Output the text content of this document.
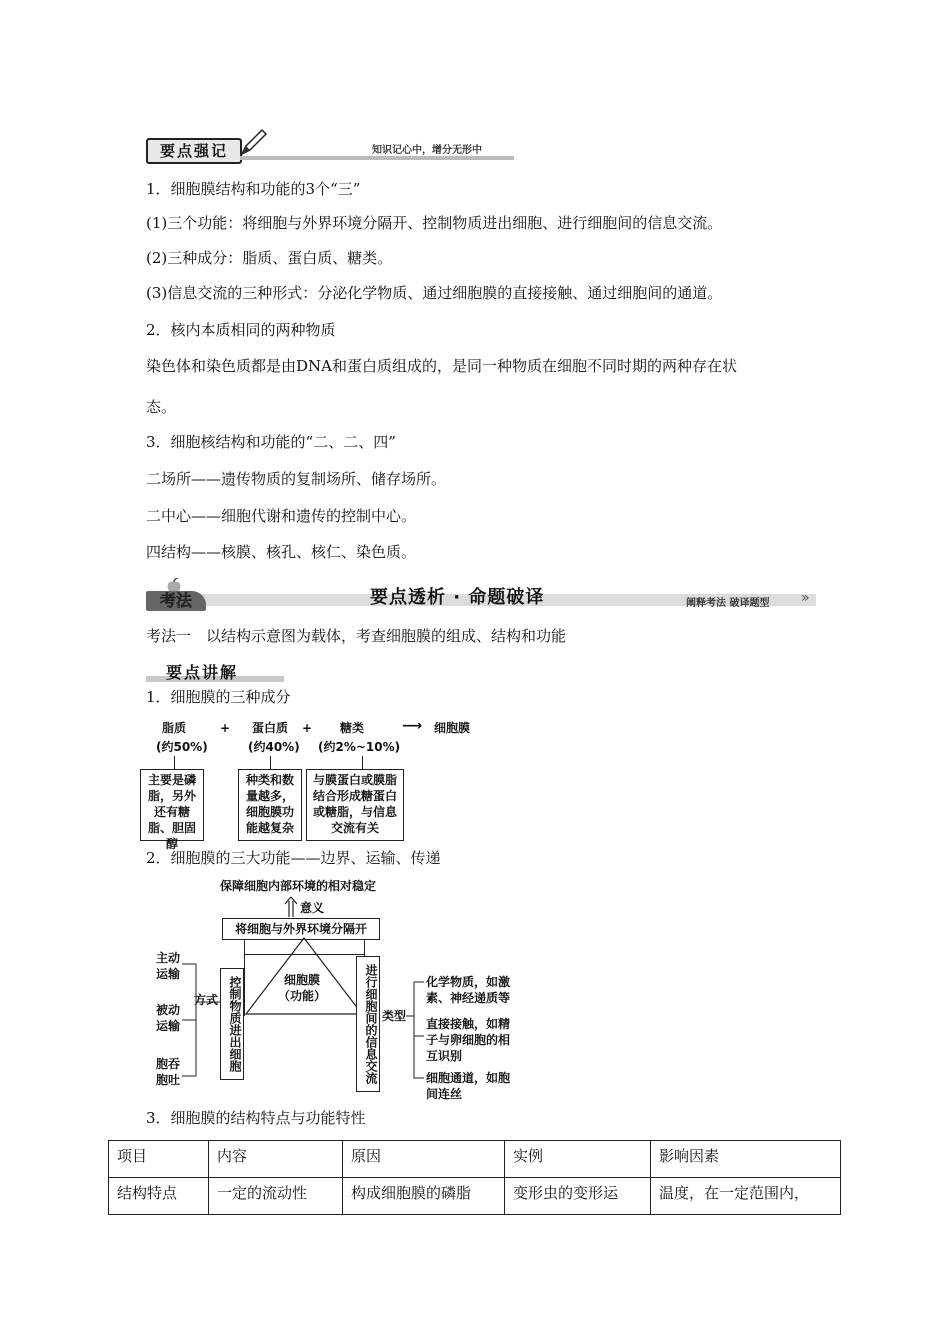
要点强记	知识记心中，增分无形中
1．细胞膜结构和功能的3个“三”
(1)三个功能：将细胞与外界环境分隔开、控制物质进出细胞、进行细胞间的信息交流。
(2)三种成分：脂质、蛋白质、糖类。
(3)信息交流的三种形式：分泌化学物质、通过细胞膜的直接接触、通过细胞间的通道。
2．核内本质相同的两种物质
染色体和染色质都是由DNA和蛋白质组成的，是同一种物质在细胞不同时期的两种存在状
态。
3．细胞核结构和功能的“二、二、四”
二场所——遗传物质的复制场所、储存场所。
二中心——细胞代谢和遗传的控制中心。
四结构——核膜、核孔、核仁、染色质。
考法	要点透析 · 命题破译	阐释考法 破译题型 »
考法一　以结构示意图为载体，考查细胞膜的组成、结构和功能
要点讲解
1．细胞膜的三种成分
脂质
(约50%)
+ 蛋白质
(约40%)
+ 糖类
(约2%~10%)
⟶ 细胞膜
主要是磷脂，另外还有糖脂、胆固醇
种类和数量越多，细胞膜功能越复杂
与膜蛋白或膜脂结合形成糖蛋白或糖脂，与信息交流有关
2．细胞膜的三大功能——边界、运输、传递
保障细胞内部环境的相对稳定
意义
将细胞与外界环境分隔开
细胞膜
（功能）
控制物质进出细胞
方式
主动
运输
被动
运输
胞吞
胞吐	进行细胞间的信息交流 类型
化学物质，如激
素、神经递质等
直接接触，如精
子与卵细胞的相
互识别
细胞通道，如胞
间连丝
3．细胞膜的结构特点与功能特性
项目	内容	原因	实例	影响因素
结构特点	一定的流动性	构成细胞膜的磷脂	变形虫的变形运	温度，在一定范围内，
